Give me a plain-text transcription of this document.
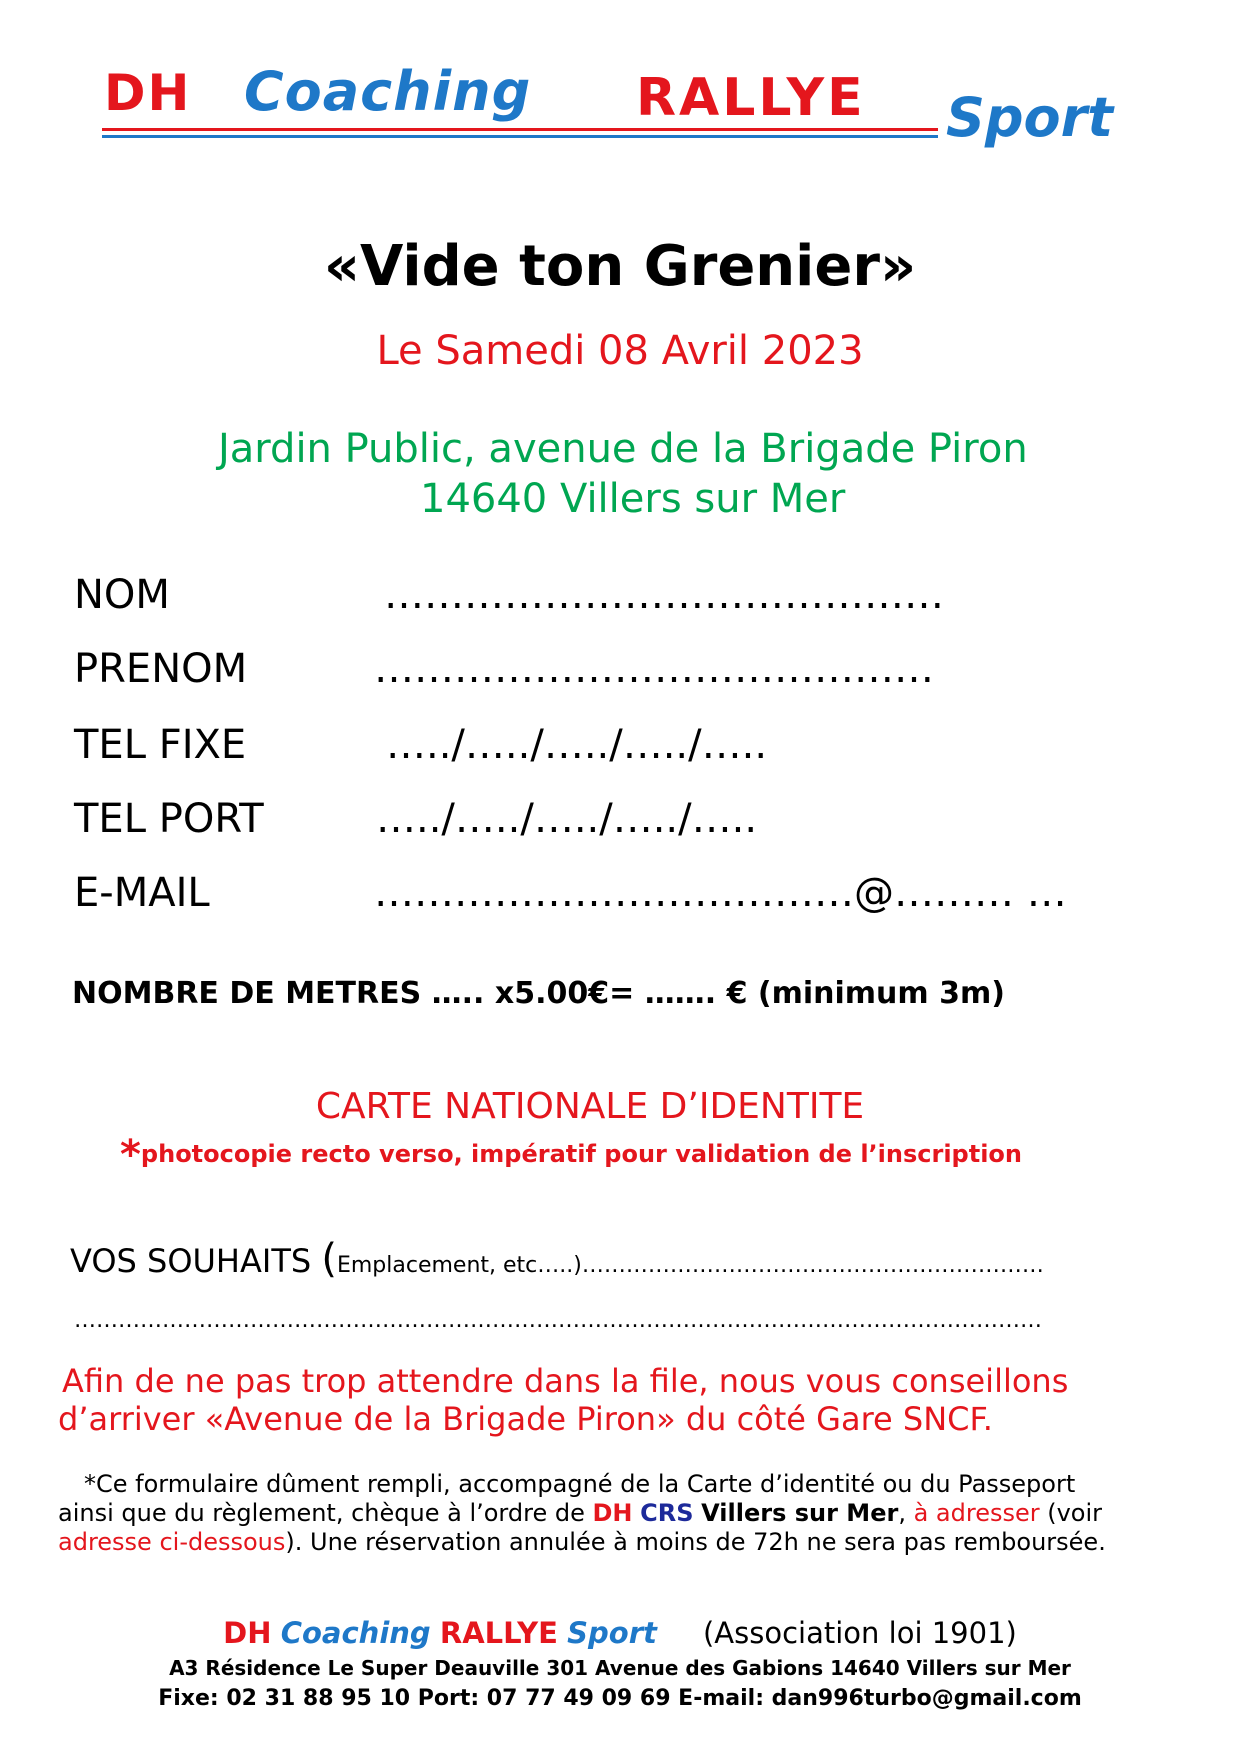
DH Coaching RALLYE Sport
«Vide ton Grenier»
Le Samedi 08 Avril 2023
Jardin Public, avenue de la Brigade Piron
14640 Villers sur Mer
NOM	……………………………………
PRENOM	……………………………………
TEL FIXE	…../…../…../…../…..
TEL PORT	…../…../…../…../…..
E-MAIL	………………………………@……… …
NOMBRE DE METRES ….. x5.00€= ……. € (minimum 3m)
CARTE NATIONALE D’IDENTITE
*photocopie recto verso, impératif pour validation de l’inscription
VOS SOUHAITS (Emplacement, etc…..)………………………………………………………
……………………………………………………………………………………………………………………
Afin de ne pas trop attendre dans la file, nous vous conseillons
d’arriver «Avenue de la Brigade Piron» du côté Gare SNCF.
*Ce formulaire dûment rempli, accompagné de la Carte d’identité ou du Passeport
ainsi que du règlement, chèque à l’ordre de DH CRS Villers sur Mer, à adresser (voir
adresse ci-dessous). Une réservation annulée à moins de 72h ne sera pas remboursée.
DH Coaching RALLYE Sport (Association loi 1901)
A3 Résidence Le Super Deauville 301 Avenue des Gabions 14640 Villers sur Mer
Fixe: 02 31 88 95 10 Port: 07 77 49 09 69 E-mail: dan996turbo@gmail.com
